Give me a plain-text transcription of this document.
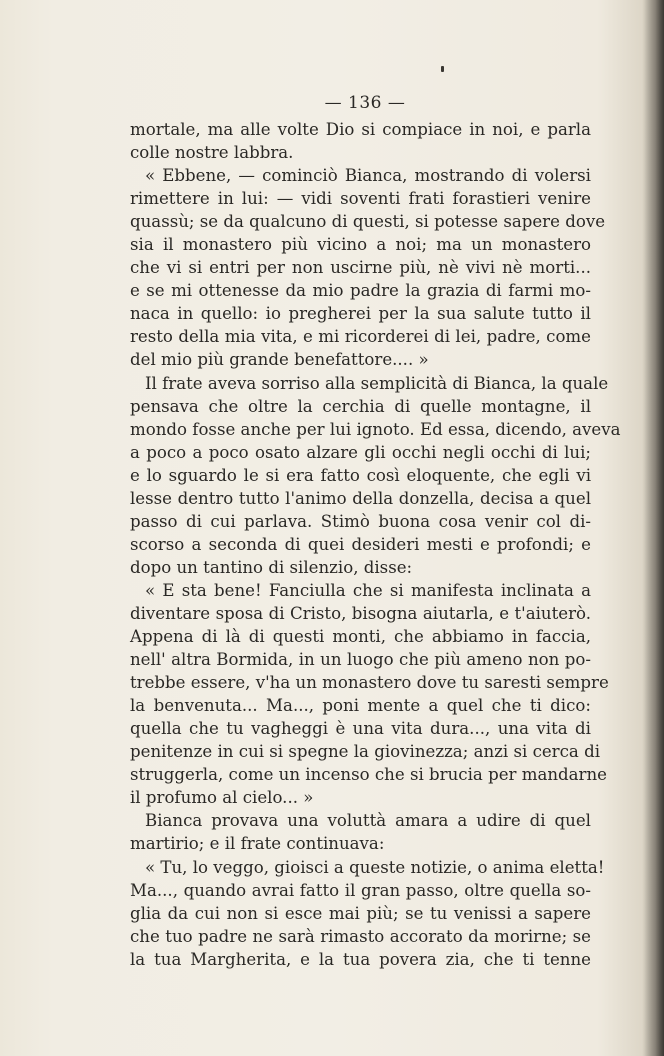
— 136 —
mortale, ma alle volte Dio si compiace in noi, e parla
colle nostre labbra.
« Ebbene, — cominciò Bianca, mostrando di volersi
rimettere in lui: — vidi soventi frati forastieri venire
quassù; se da qualcuno di questi, si potesse sapere dove
sia il monastero più vicino a noi; ma un monastero
che vi si entri per non uscirne più, nè vivi nè morti...
e se mi ottenesse da mio padre la grazia di farmi mo-
naca in quello: io pregherei per la sua salute tutto il
resto della mia vita, e mi ricorderei di lei, padre, come
del mio più grande benefattore.... »
Il frate aveva sorriso alla semplicità di Bianca, la quale
pensava che oltre la cerchia di quelle montagne, il
mondo fosse anche per lui ignoto. Ed essa, dicendo, aveva
a poco a poco osato alzare gli occhi negli occhi di lui;
e lo sguardo le si era fatto così eloquente, che egli vi
lesse dentro tutto l'animo della donzella, decisa a quel
passo di cui parlava. Stimò buona cosa venir col di-
scorso a seconda di quei desideri mesti e profondi; e
dopo un tantino di silenzio, disse:
« E sta bene! Fanciulla che si manifesta inclinata a
diventare sposa di Cristo, bisogna aiutarla, e t'aiuterò.
Appena di là di questi monti, che abbiamo in faccia,
nell' altra Bormida, in un luogo che più ameno non po-
trebbe essere, v'ha un monastero dove tu saresti sempre
la benvenuta... Ma..., poni mente a quel che ti dico:
quella che tu vagheggi è una vita dura..., una vita di
penitenze in cui si spegne la giovinezza; anzi si cerca di
struggerla, come un incenso che si brucia per mandarne
il profumo al cielo... »
Bianca provava una voluttà amara a udire di quel
martirio; e il frate continuava:
« Tu, lo veggo, gioisci a queste notizie, o anima eletta!
Ma..., quando avrai fatto il gran passo, oltre quella so-
glia da cui non si esce mai più; se tu venissi a sapere
che tuo padre ne sarà rimasto accorato da morirne; se
la tua Margherita, e la tua povera zia, che ti tenne
